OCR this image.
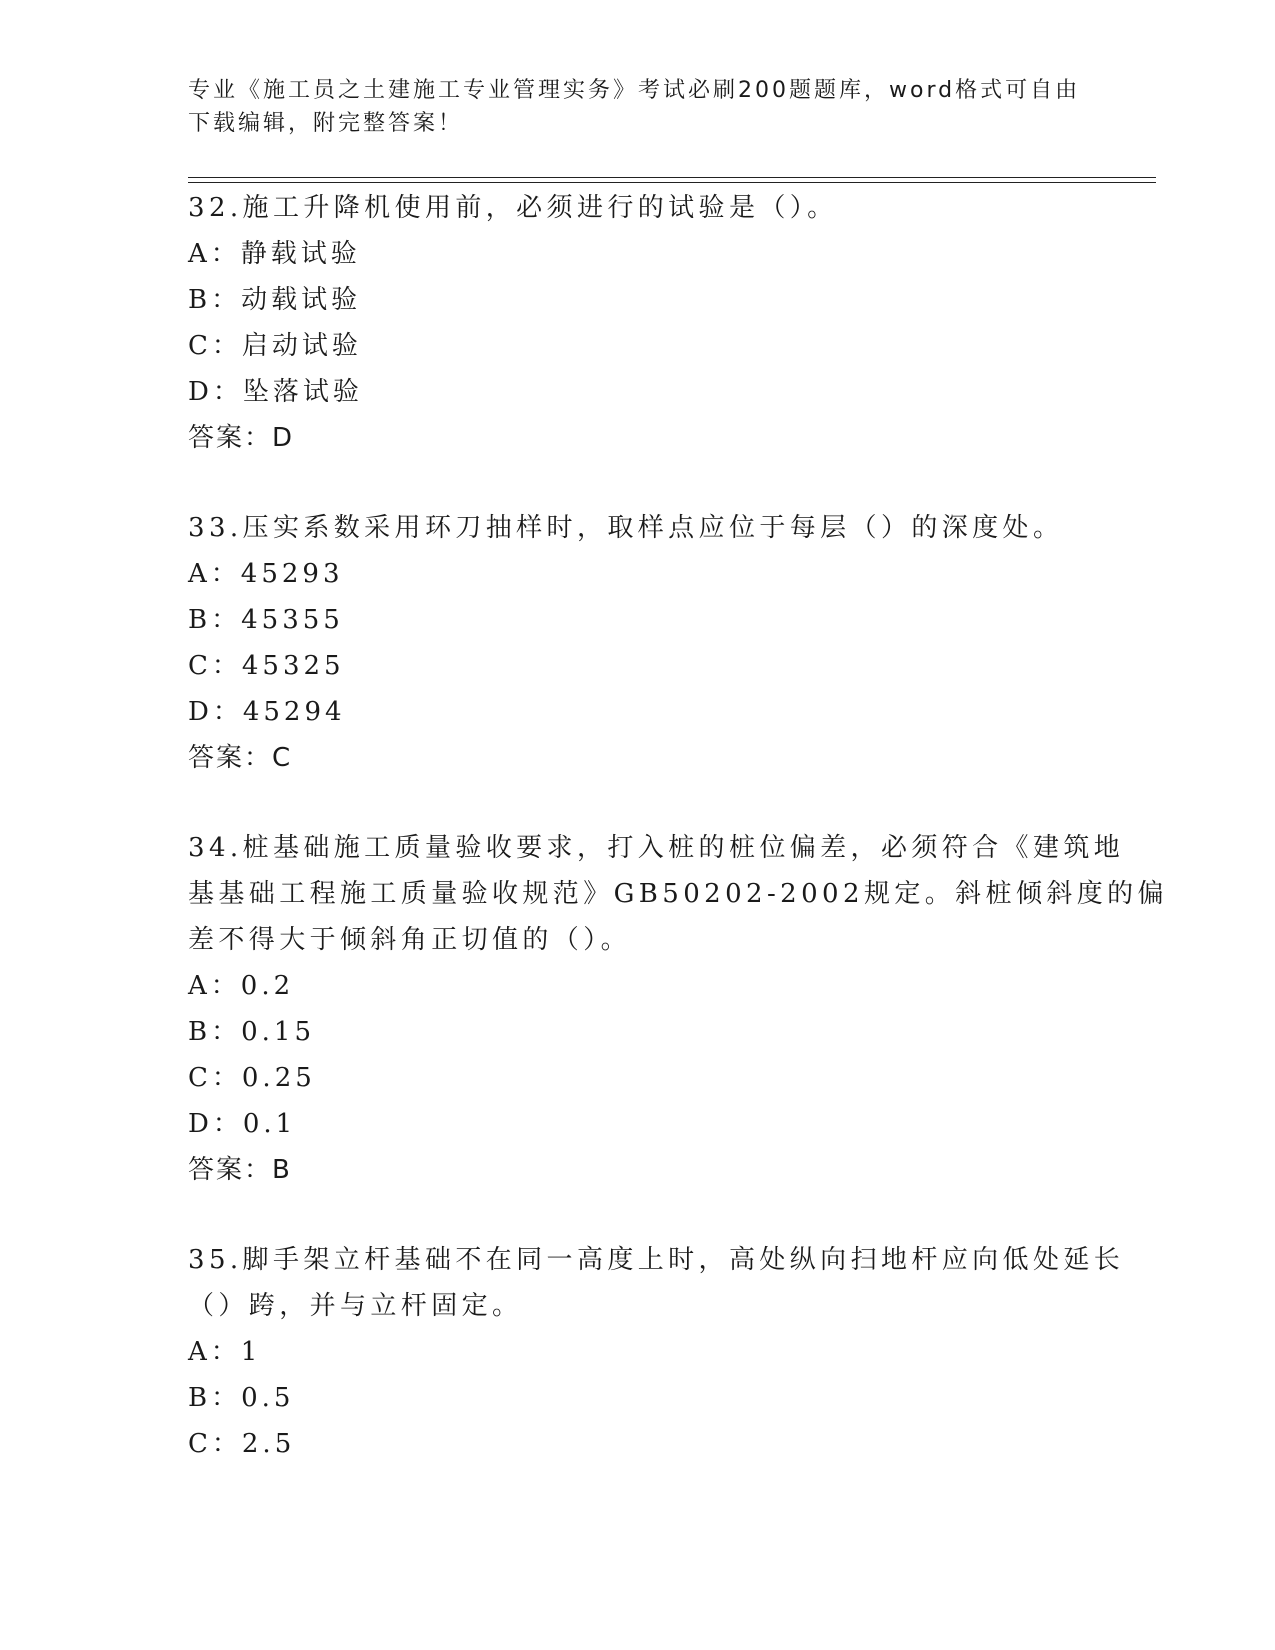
专业《施工员之土建施工专业管理实务》考试必刷200题题库，word格式可自由
下载编辑，附完整答案！
32.施工升降机使用前，必须进行的试验是（）。
A：静载试验
B：动载试验
C：启动试验
D：坠落试验
答案：D
33.压实系数采用环刀抽样时，取样点应位于每层（）的深度处。
A：45293
B：45355
C：45325
D：45294
答案：C
34.桩基础施工质量验收要求，打入桩的桩位偏差，必须符合《建筑地
基基础工程施工质量验收规范》GB50202-2002规定。斜桩倾斜度的偏
差不得大于倾斜角正切值的（）。
A：0.2
B：0.15
C：0.25
D：0.1
答案：B
35.脚手架立杆基础不在同一高度上时，高处纵向扫地杆应向低处延长
（）跨，并与立杆固定。
A：1
B：0.5
C：2.5
